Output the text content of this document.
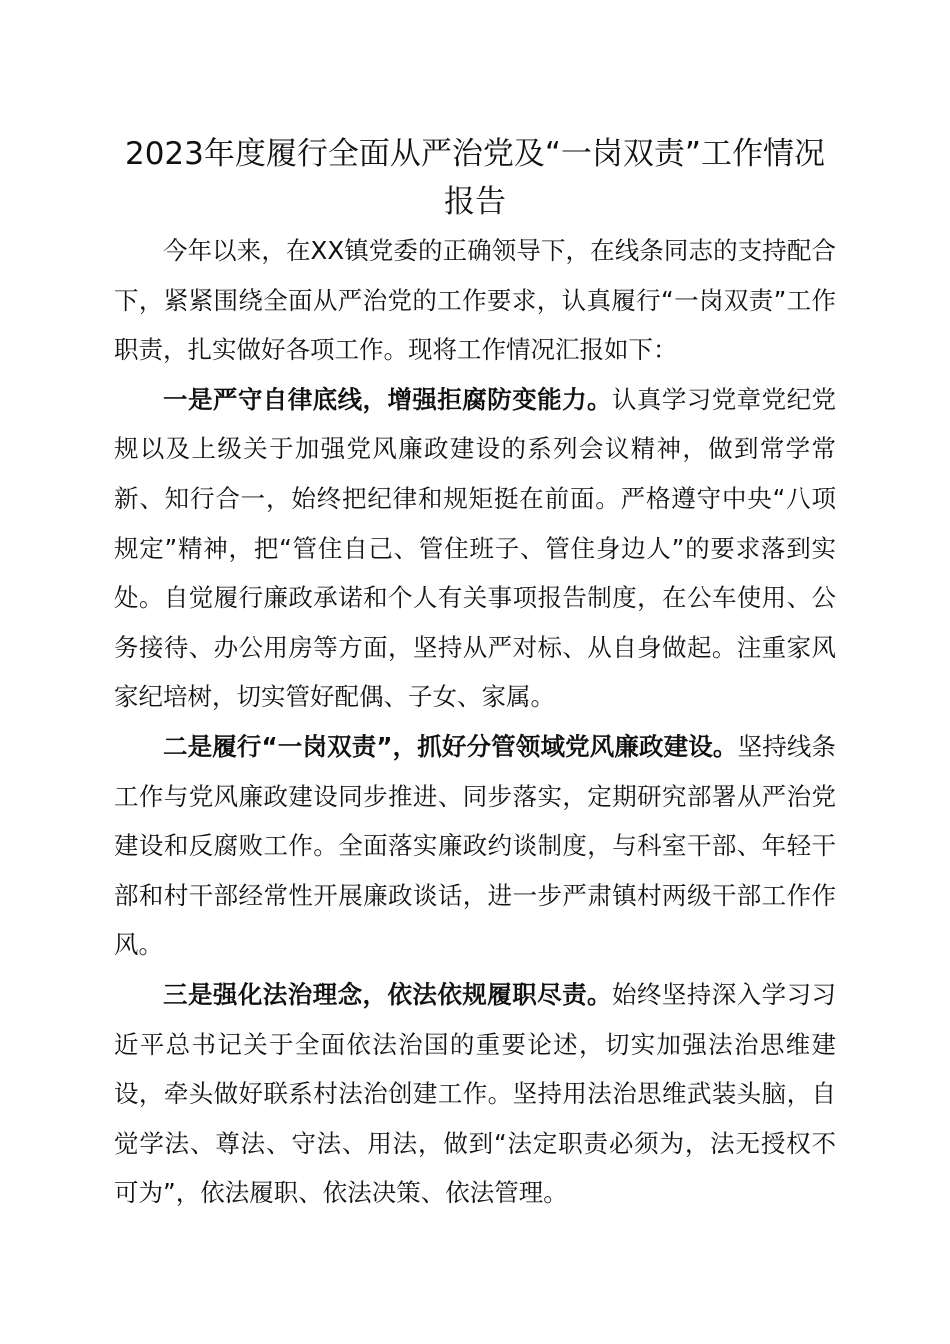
2023年度履行全面从严治党及“一岗双责”工作情况报告

今年以来，在XX镇党委的正确领导下，在线条同志的支持配合下，紧紧围绕全面从严治党的工作要求，认真履行“一岗双责”工作职责，扎实做好各项工作。现将工作情况汇报如下：

一是严守自律底线，增强拒腐防变能力。认真学习党章党纪党规以及上级关于加强党风廉政建设的系列会议精神，做到常学常新、知行合一，始终把纪律和规矩挺在前面。严格遵守中央“八项规定”精神，把“管住自己、管住班子、管住身边人”的要求落到实处。自觉履行廉政承诺和个人有关事项报告制度，在公车使用、公务接待、办公用房等方面，坚持从严对标、从自身做起。注重家风家纪培树，切实管好配偶、子女、家属。

二是履行“一岗双责”，抓好分管领域党风廉政建设。坚持线条工作与党风廉政建设同步推进、同步落实，定期研究部署从严治党建设和反腐败工作。全面落实廉政约谈制度，与科室干部、年轻干部和村干部经常性开展廉政谈话，进一步严肃镇村两级干部工作作风。

三是强化法治理念，依法依规履职尽责。始终坚持深入学习习近平总书记关于全面依法治国的重要论述，切实加强法治思维建设，牵头做好联系村法治创建工作。坚持用法治思维武装头脑，自觉学法、尊法、守法、用法，做到“法定职责必须为，法无授权不可为”，依法履职、依法决策、依法管理。
